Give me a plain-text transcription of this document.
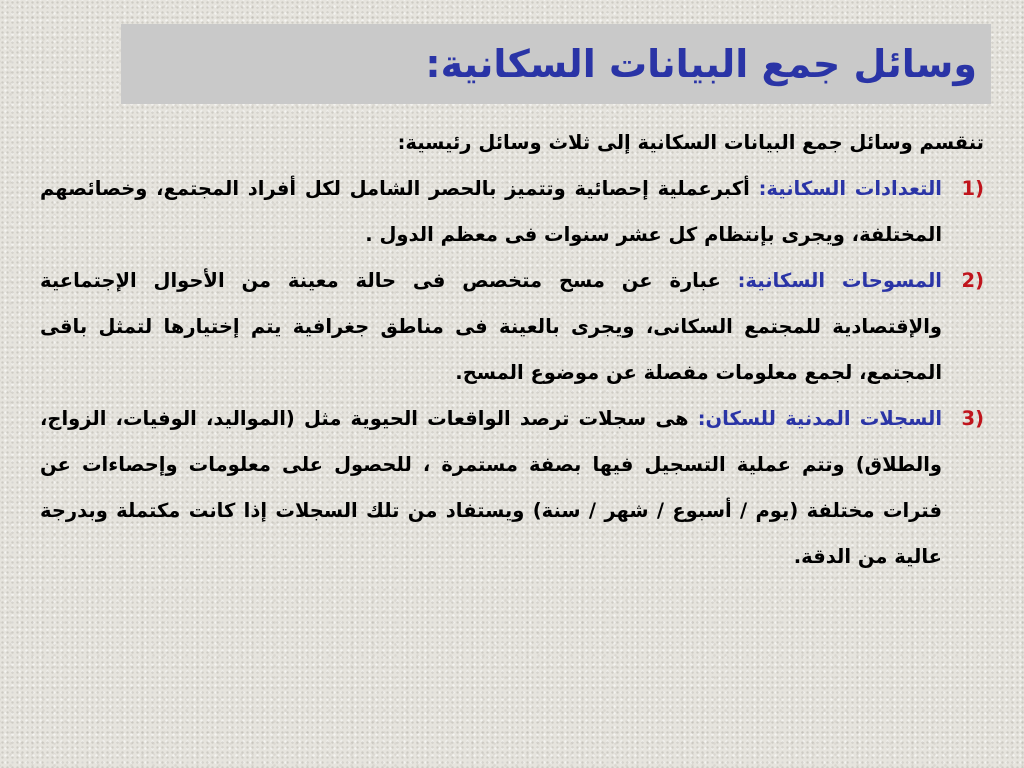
وسائل جمع البيانات السكانية:
تنقسم وسائل جمع البيانات السكانية إلى ثلاث وسائل رئيسية:
1)
التعدادات السكانية: أكبرعملية إحصائية وتتميز بالحصر الشامل لكل أفراد المجتمع، وخصائصهم المختلفة، ويجرى بإنتظام كل عشر سنوات فى معظم الدول .
2)
المسوحات السكانية: عبارة عن مسح متخصص فى حالة معينة من الأحوال الإجتماعية والإقتصادية للمجتمع السكانى، ويجرى بالعينة فى مناطق جغرافية يتم إختيارها لتمثل باقى المجتمع، لجمع معلومات مفصلة عن موضوع المسح.
3)
السجلات المدنية للسكان: هى سجلات ترصد الواقعات الحيوية مثل (المواليد، الوفيات، الزواج، والطلاق) وتتم عملية التسجيل فيها بصفة مستمرة ، للحصول على معلومات وإحصاءات عن فترات مختلفة (يوم / أسبوع / شهر / سنة) ويستفاد من تلك السجلات إذا كانت مكتملة وبدرجة عالية من الدقة.
